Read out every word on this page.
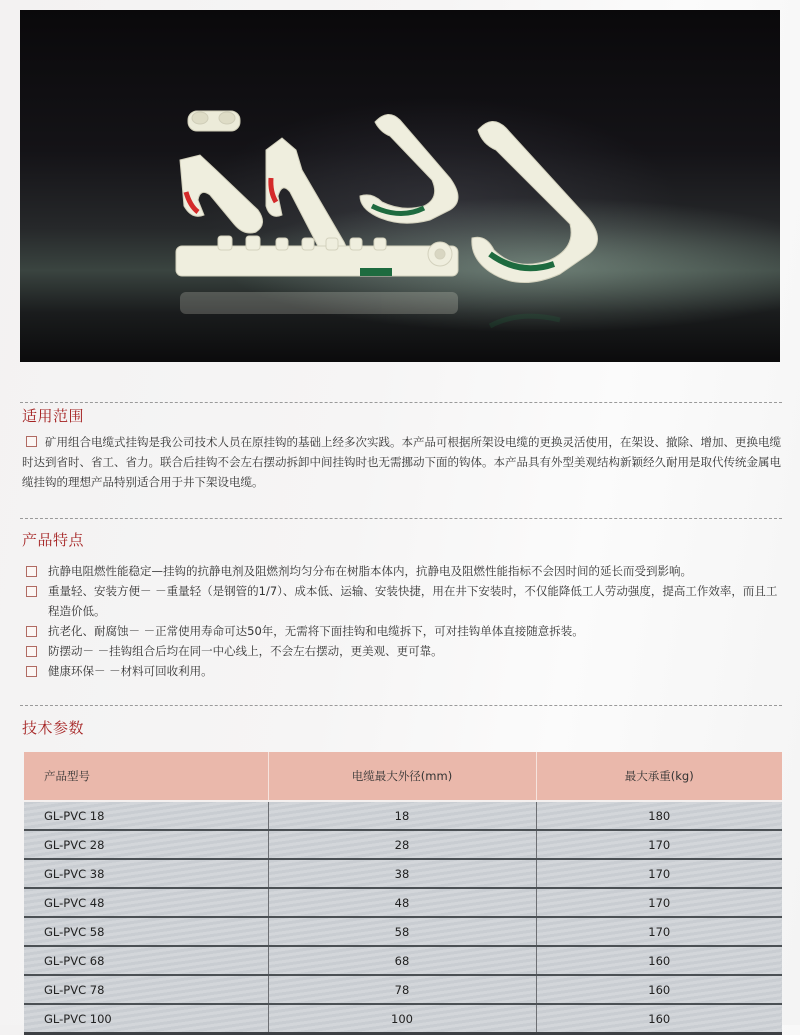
适用范围
矿用组合电缆式挂钩是我公司技术人员在原挂钩的基础上经多次实践。本产品可根据所架设电缆的更换灵活使用，在架设、撤除、增加、更换电缆时达到省时、省工、省力。联合后挂钩不会左右摆动拆卸中间挂钩时也无需挪动下面的钩体。本产品具有外型美观结构新颖经久耐用是取代传统金属电缆挂钩的理想产品特别适合用于井下架设电缆。
产品特点
抗静电阻燃性能稳定—挂钩的抗静电剂及阻燃剂均匀分布在树脂本体内，抗静电及阻燃性能指标不会因时间的延长而受到影响。
重量轻、安装方便－ －重量轻（是钢管的1/7）、成本低、运输、安装快捷，用在井下安装时，不仅能降低工人劳动强度，提高工作效率，而且工程造价低。
抗老化、耐腐蚀－ －正常使用寿命可达50年，无需将下面挂钩和电缆拆下，可对挂钩单体直接随意拆装。
防摆动－ －挂钩组合后均在同一中心线上，不会左右摆动，更美观、更可靠。
健康环保－ －材料可回收利用。
技术参数
产品型号	电缆最大外径(mm)	最大承重(kg)
GL-PVC 18	18	180
GL-PVC 28	28	170
GL-PVC 38	38	170
GL-PVC 48	48	170
GL-PVC 58	58	170
GL-PVC 68	68	160
GL-PVC 78	78	160
GL-PVC 100	100	160
